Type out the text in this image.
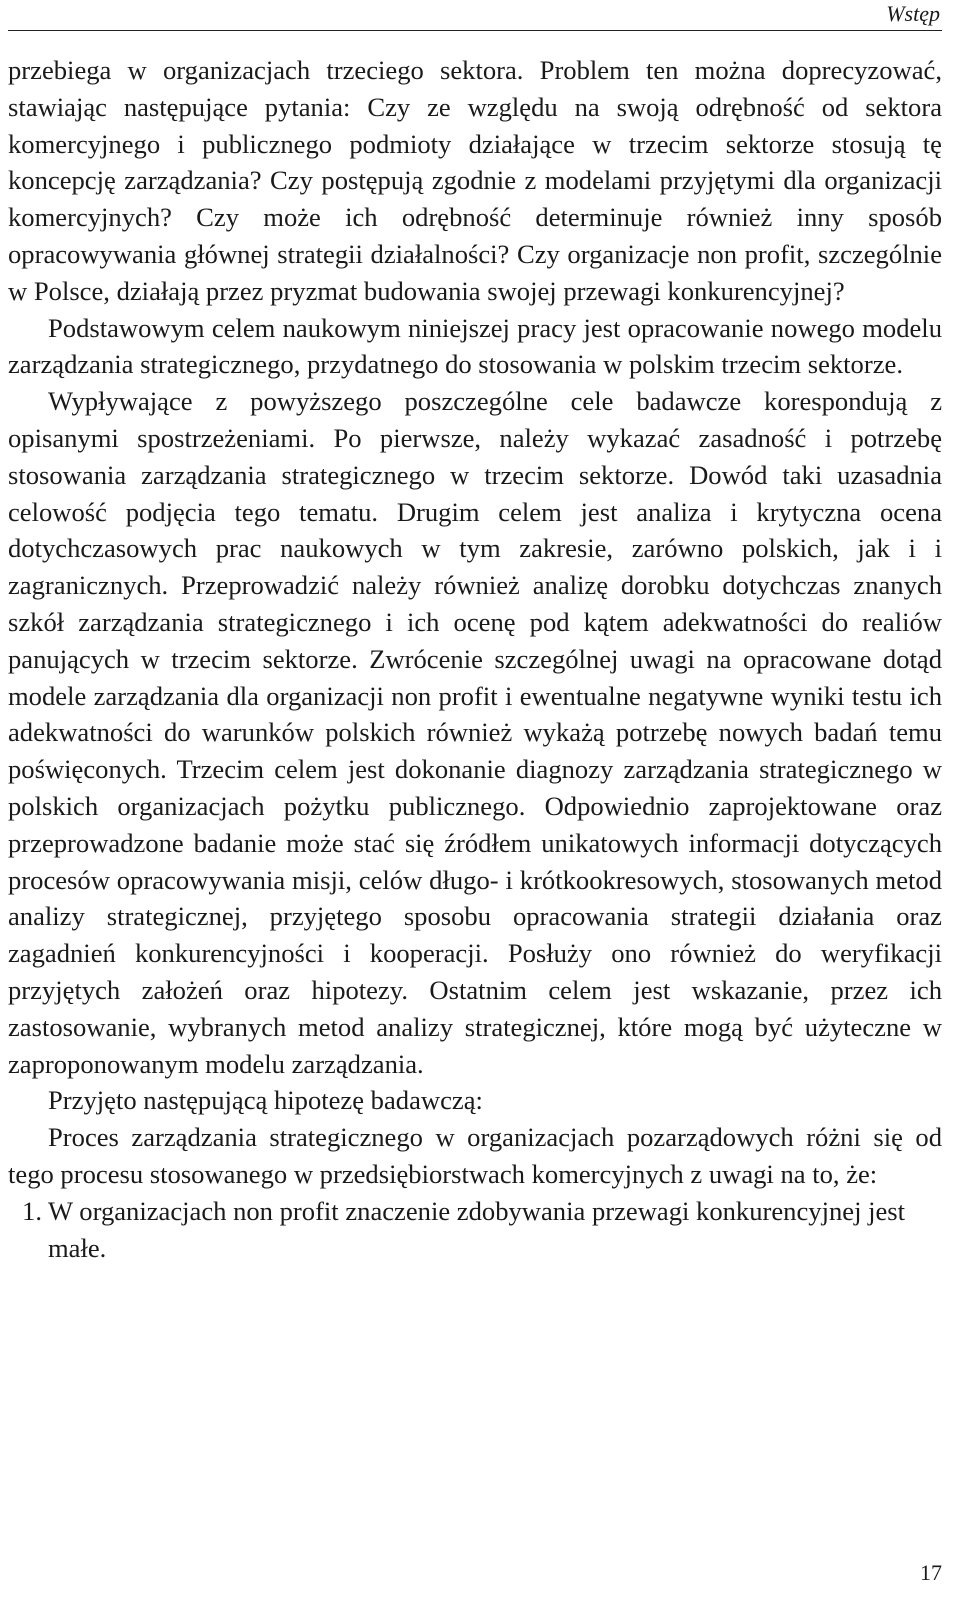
Wstęp

przebiega w organizacjach trzeciego sektora. Problem ten można doprecyzować, stawiając następujące pytania: Czy ze względu na swoją odrębność od sektora komercyjnego i publicznego podmioty działające w trzecim sektorze stosują tę koncepcję zarządzania? Czy postępują zgodnie z modelami przyjętymi dla organizacji komercyjnych? Czy może ich odrębność determinuje również inny sposób opracowywania głównej strategii działalności? Czy organizacje non profit, szczególnie w Polsce, działają przez pryzmat budowania swojej przewagi konkurencyjnej?

Podstawowym celem naukowym niniejszej pracy jest opracowanie nowego modelu zarządzania strategicznego, przydatnego do stosowania w polskim trzecim sektorze.

Wypływające z powyższego poszczególne cele badawcze korespondują z opisanymi spostrzeżeniami. Po pierwsze, należy wykazać zasadność i potrzebę stosowania zarządzania strategicznego w trzecim sektorze. Dowód taki uzasadnia celowość podjęcia tego tematu. Drugim celem jest analiza i krytyczna ocena dotychczasowych prac naukowych w tym zakresie, zarówno polskich, jak i i zagranicznych. Przeprowadzić należy również analizę dorobku dotychczas znanych szkół zarządzania strategicznego i ich ocenę pod kątem adekwatności do realiów panujących w trzecim sektorze. Zwrócenie szczególnej uwagi na opracowane dotąd modele zarządzania dla organizacji non profit i ewentualne negatywne wyniki testu ich adekwatności do warunków polskich również wykażą potrzebę nowych badań temu poświęconych. Trzecim celem jest dokonanie diagnozy zarządzania strategicznego w polskich organizacjach pożytku publicznego. Odpowiednio zaprojektowane oraz przeprowadzone badanie może stać się źródłem unikatowych informacji dotyczących procesów opracowywania misji, celów długo- i krótkookresowych, stosowanych metod analizy strategicznej, przyjętego sposobu opracowania strategii działania oraz zagadnień konkurencyjności i kooperacji. Posłuży ono również do weryfikacji przyjętych założeń oraz hipotezy. Ostatnim celem jest wskazanie, przez ich zastosowanie, wybranych metod analizy strategicznej, które mogą być użyteczne w zaproponowanym modelu zarządzania.

Przyjęto następującą hipotezę badawczą:

Proces zarządzania strategicznego w organizacjach pozarządowych różni się od tego procesu stosowanego w przedsiębiorstwach komercyjnych z uwagi na to, że:

1. W organizacjach non profit znaczenie zdobywania przewagi konkurencyjnej jest małe.
17
